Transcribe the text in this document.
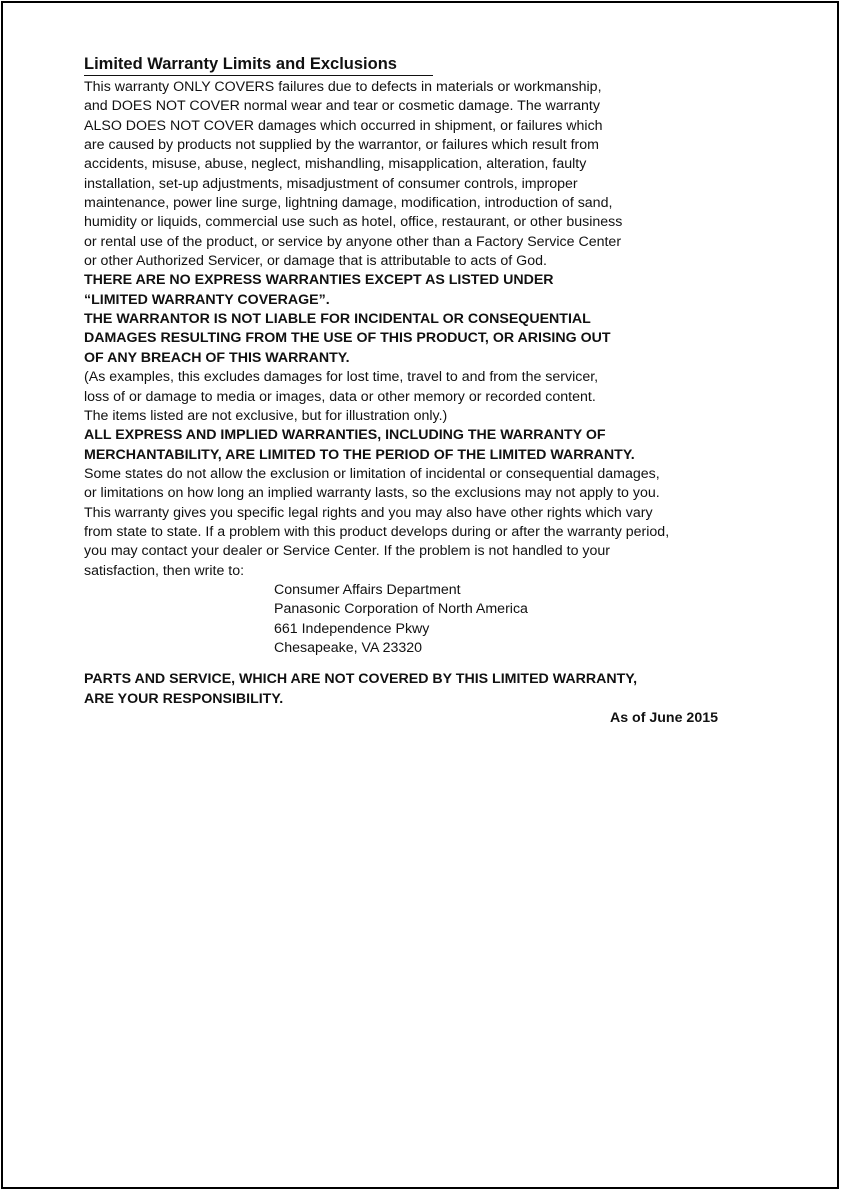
Limited Warranty Limits and Exclusions
This warranty ONLY COVERS failures due to defects in materials or workmanship,
and DOES NOT COVER normal wear and tear or cosmetic damage. The warranty
ALSO DOES NOT COVER damages which occurred in shipment, or failures which
are caused by products not supplied by the warrantor, or failures which result from
accidents, misuse, abuse, neglect, mishandling, misapplication, alteration, faulty
installation, set-up adjustments, misadjustment of consumer controls, improper
maintenance, power line surge, lightning damage, modification, introduction of sand,
humidity or liquids, commercial use such as hotel, office, restaurant, or other business
or rental use of the product, or service by anyone other than a Factory Service Center
or other Authorized Servicer, or damage that is attributable to acts of God.
THERE ARE NO EXPRESS WARRANTIES EXCEPT AS LISTED UNDER
“LIMITED WARRANTY COVERAGE”.
THE WARRANTOR IS NOT LIABLE FOR INCIDENTAL OR CONSEQUENTIAL
DAMAGES RESULTING FROM THE USE OF THIS PRODUCT, OR ARISING OUT
OF ANY BREACH OF THIS WARRANTY.
(As examples, this excludes damages for lost time, travel to and from the servicer,
loss of or damage to media or images, data or other memory or recorded content.
The items listed are not exclusive, but for illustration only.)
ALL EXPRESS AND IMPLIED WARRANTIES, INCLUDING THE WARRANTY OF
MERCHANTABILITY, ARE LIMITED TO THE PERIOD OF THE LIMITED WARRANTY.
Some states do not allow the exclusion or limitation of incidental or consequential damages,
or limitations on how long an implied warranty lasts, so the exclusions may not apply to you.
This warranty gives you specific legal rights and you may also have other rights which vary
from state to state. If a problem with this product develops during or after the warranty period,
you may contact your dealer or Service Center. If the problem is not handled to your
satisfaction, then write to:
Consumer Affairs Department
Panasonic Corporation of North America
661 Independence Pkwy
Chesapeake, VA 23320
PARTS AND SERVICE, WHICH ARE NOT COVERED BY THIS LIMITED WARRANTY,
ARE YOUR RESPONSIBILITY.
As of June 2015
